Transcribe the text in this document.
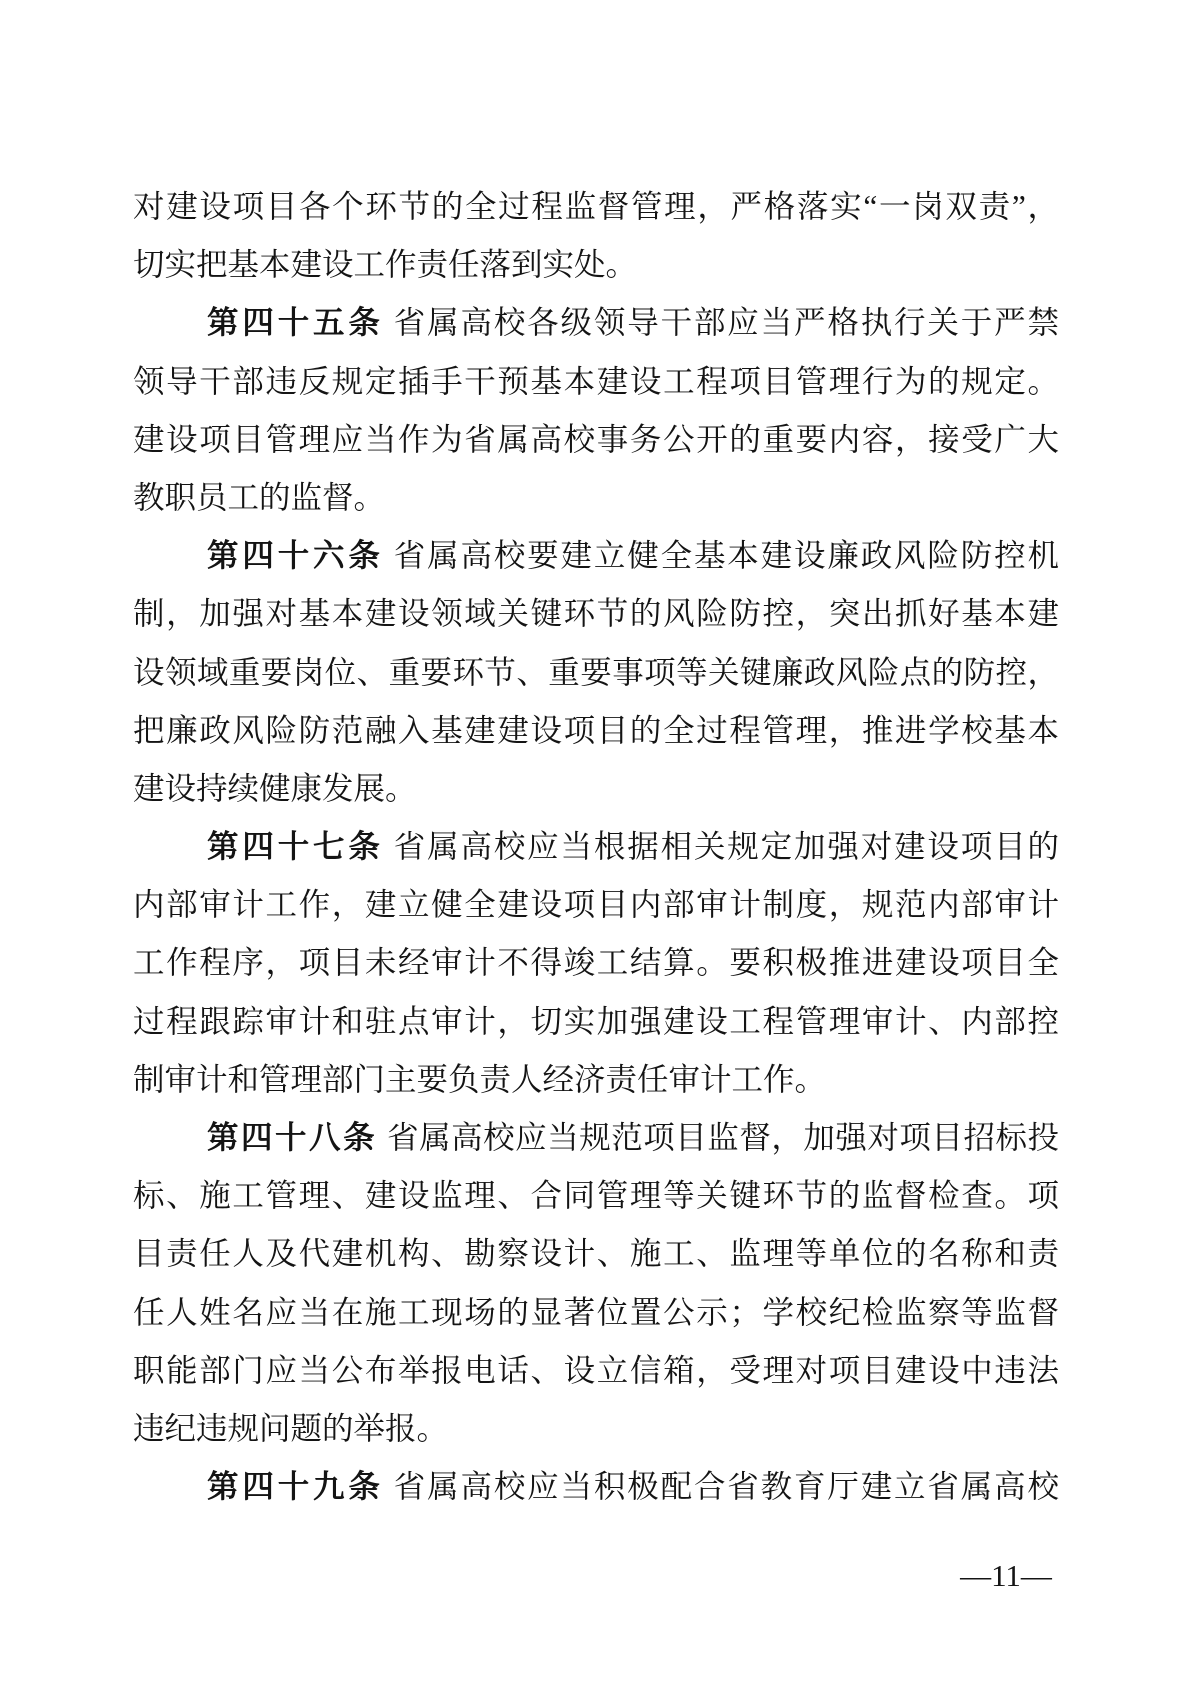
对建设项目各个环节的全过程监督管理，严格落实“一岗双责”，
切实把基本建设工作责任落到实处。
第四十五条 省属高校各级领导干部应当严格执行关于严禁
领导干部违反规定插手干预基本建设工程项目管理行为的规定。
建设项目管理应当作为省属高校事务公开的重要内容，接受广大
教职员工的监督。
第四十六条 省属高校要建立健全基本建设廉政风险防控机
制，加强对基本建设领域关键环节的风险防控，突出抓好基本建
设领域重要岗位、重要环节、重要事项等关键廉政风险点的防控，
把廉政风险防范融入基建建设项目的全过程管理，推进学校基本
建设持续健康发展。
第四十七条 省属高校应当根据相关规定加强对建设项目的
内部审计工作，建立健全建设项目内部审计制度，规范内部审计
工作程序，项目未经审计不得竣工结算。要积极推进建设项目全
过程跟踪审计和驻点审计，切实加强建设工程管理审计、内部控
制审计和管理部门主要负责人经济责任审计工作。
第四十八条 省属高校应当规范项目监督，加强对项目招标投
标、施工管理、建设监理、合同管理等关键环节的监督检查。项
目责任人及代建机构、勘察设计、施工、监理等单位的名称和责
任人姓名应当在施工现场的显著位置公示；学校纪检监察等监督
职能部门应当公布举报电话、设立信箱，受理对项目建设中违法
违纪违规问题的举报。
第四十九条 省属高校应当积极配合省教育厅建立省属高校
—11—
